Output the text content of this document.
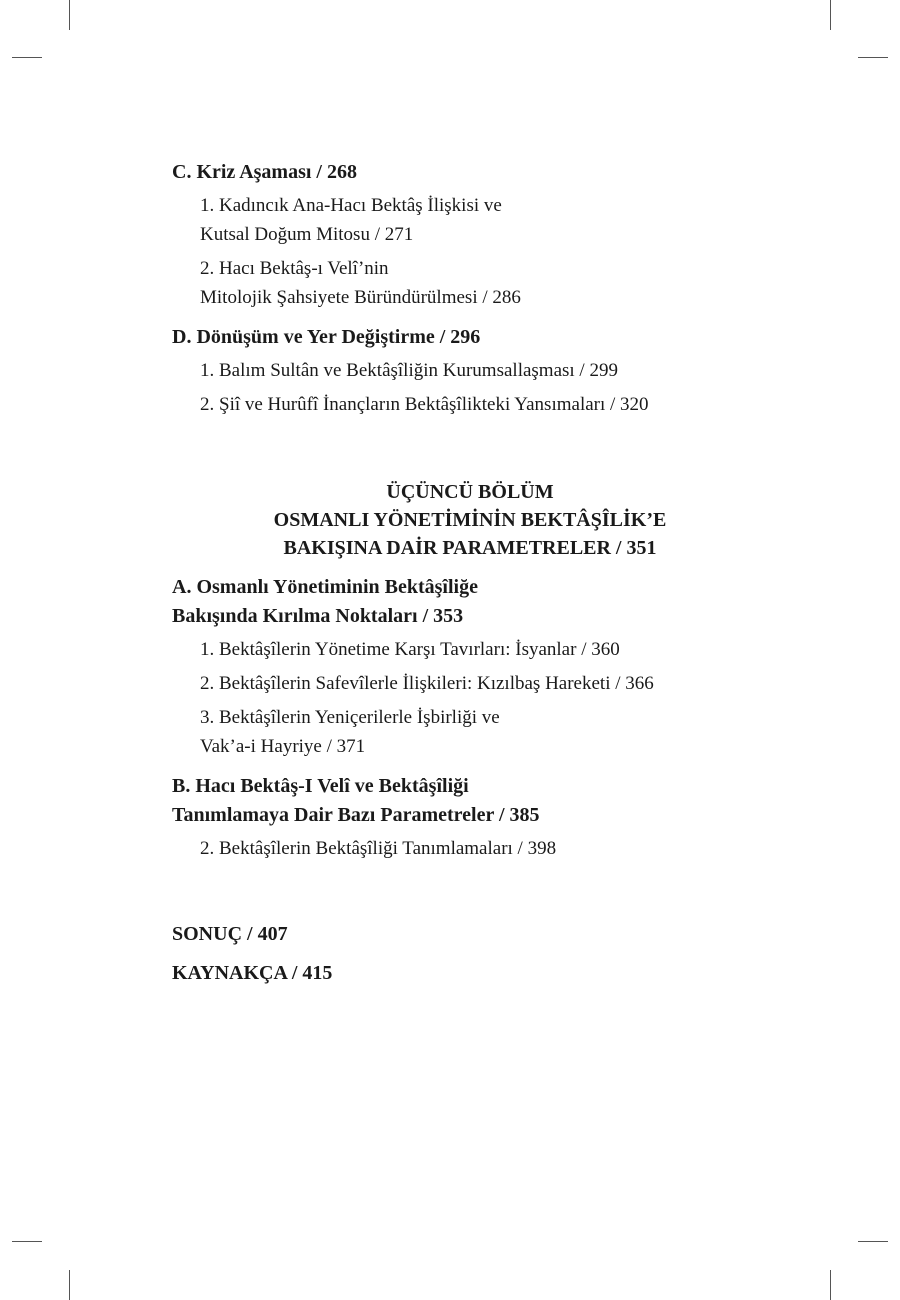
C. Kriz Aşaması / 268

1. Kadıncık Ana-Hacı Bektâş İlişkisi ve
Kutsal Doğum Mitosu / 271

2. Hacı Bektâş-ı Velî’nin
Mitolojik Şahsiyete Büründürülmesi / 286

D. Dönüşüm ve Yer Değiştirme / 296

1. Balım Sultân ve Bektâşîliğin Kurumsallaşması / 299

2. Şiî ve Hurûfî İnançların Bektâşîlikteki Yansımaları / 320

ÜÇÜNCÜ BÖLÜM
OSMANLI YÖNETİMİNİN BEKTÂŞÎLİK’E
BAKIŞINA DAİR PARAMETRELER / 351

A. Osmanlı Yönetiminin Bektâşîliğe
Bakışında Kırılma Noktaları / 353

1. Bektâşîlerin Yönetime Karşı Tavırları: İsyanlar / 360

2. Bektâşîlerin Safevîlerle İlişkileri: Kızılbaş Hareketi / 366

3. Bektâşîlerin Yeniçerilerle İşbirliği ve
Vak’a-i Hayriye / 371

B. Hacı Bektâş-I Velî ve Bektâşîliği
Tanımlamaya Dair Bazı Parametreler / 385

2. Bektâşîlerin Bektâşîliği Tanımlamaları / 398

SONUÇ / 407

KAYNAKÇA / 415
